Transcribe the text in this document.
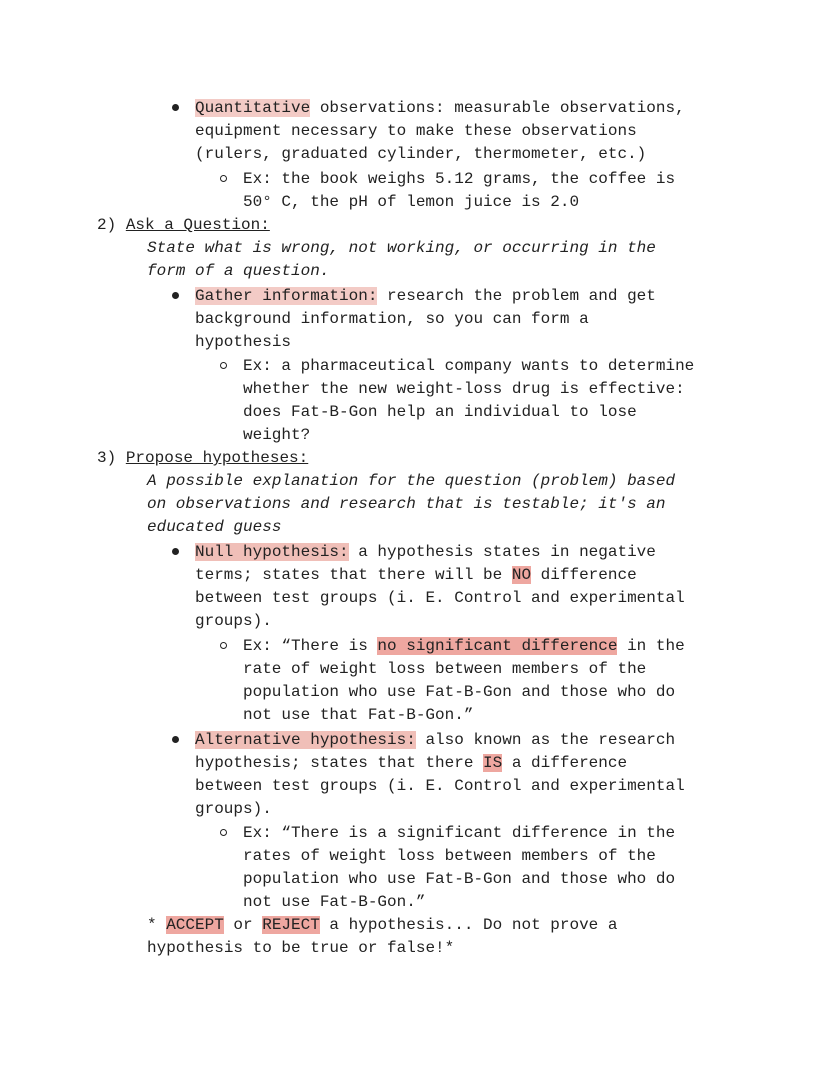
Quantitative observations: measurable observations,
equipment necessary to make these observations
(rulers, graduated cylinder, thermometer, etc.)
Ex: the book weighs 5.12 grams, the coffee is
50° C, the pH of lemon juice is 2.0
2) Ask a Question:
State what is wrong, not working, or occurring in the
form of a question.
Gather information: research the problem and get
background information, so you can form a
hypothesis
Ex: a pharmaceutical company wants to determine
whether the new weight-loss drug is effective:
does Fat-B-Gon help an individual to lose
weight?
3) Propose hypotheses:
A possible explanation for the question (problem) based
on observations and research that is testable; it's an
educated guess
Null hypothesis: a hypothesis states in negative
terms; states that there will be NO difference
between test groups (i. E. Control and experimental
groups).
Ex: “There is no significant difference in the
rate of weight loss between members of the
population who use Fat-B-Gon and those who do
not use that Fat-B-Gon.”
Alternative hypothesis: also known as the research
hypothesis; states that there IS a difference
between test groups (i. E. Control and experimental
groups).
Ex: “There is a significant difference in the
rates of weight loss between members of the
population who use Fat-B-Gon and those who do
not use Fat-B-Gon.”
* ACCEPT or REJECT a hypothesis... Do not prove a
hypothesis to be true or false!*
